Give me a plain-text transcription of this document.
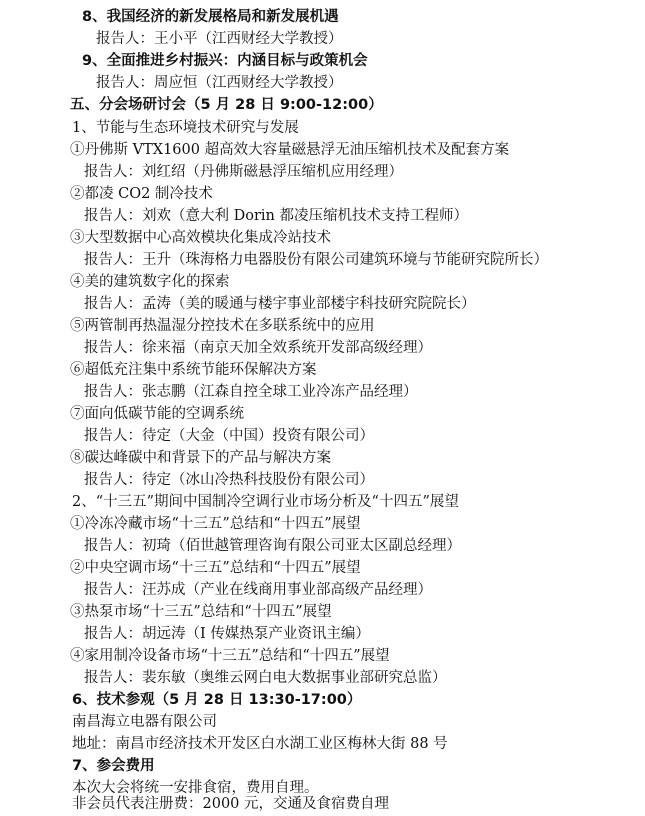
8、我国经济的新发展格局和新发展机遇
报告人：王小平（江西财经大学教授）
9、全面推进乡村振兴：内涵目标与政策机会
报告人：周应恒（江西财经大学教授）
五、分会场研讨会（5 月 28 日 9:00-12:00）
1、节能与生态环境技术研究与发展
①丹佛斯 VTX1600 超高效大容量磁悬浮无油压缩机技术及配套方案
报告人：刘红绍（丹佛斯磁悬浮压缩机应用经理）
②都凌 CO2 制冷技术
报告人：刘欢（意大利 Dorin 都凌压缩机技术支持工程师）
③大型数据中心高效模块化集成冷站技术
报告人：王升（珠海格力电器股份有限公司建筑环境与节能研究院所长）
④美的建筑数字化的探索
报告人：孟涛（美的暖通与楼宇事业部楼宇科技研究院院长）
⑤两管制再热温湿分控技术在多联系统中的应用
报告人：徐来福（南京天加全效系统开发部高级经理）
⑥超低充注集中系统节能环保解决方案
报告人：张志鹏（江森自控全球工业冷冻产品经理）
⑦面向低碳节能的空调系统
报告人：待定（大金（中国）投资有限公司）
⑧碳达峰碳中和背景下的产品与解决方案
报告人：待定（冰山冷热科技股份有限公司）
2、“十三五”期间中国制冷空调行业市场分析及“十四五”展望
①冷冻冷藏市场“十三五”总结和“十四五”展望
报告人：初琦（佰世越管理咨询有限公司亚太区副总经理）
②中央空调市场“十三五”总结和“十四五”展望
报告人：汪苏成（产业在线商用事业部高级产品经理）
③热泵市场“十三五”总结和“十四五”展望
报告人：胡远涛（I 传媒热泵产业资讯主编）
④家用制冷设备市场“十三五”总结和“十四五”展望
报告人：裴东敏（奥维云网白电大数据事业部研究总监）
6、技术参观（5 月 28 日 13:30-17:00）
南昌海立电器有限公司
地址：南昌市经济技术开发区白水湖工业区梅林大街 88 号
7、参会费用
本次大会将统一安排食宿，费用自理。
非会员代表注册费：2000 元，交通及食宿费自理
